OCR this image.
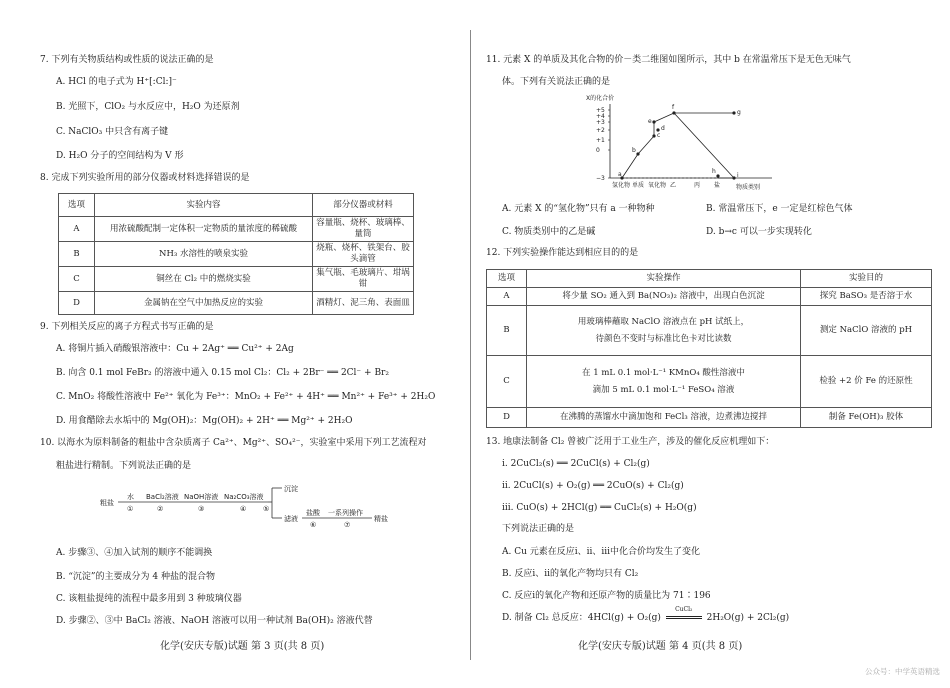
7. 下列有关物质结构或性质的说法正确的是
A. HCl 的电子式为 H⁺[:Cl:]⁻
B. 光照下，ClO₂ 与水反应中，H₂O 为还原剂
C. NaClO₃ 中只含有离子键
D. H₂O 分子的空间结构为 V 形
8. 完成下列实验所用的部分仪器或材料选择错误的是
选项	实验内容	部分仪器或材料
A	用浓硫酸配制一定体积一定物质的量浓度的稀硫酸	容量瓶、烧杯、玻璃棒、量筒
B	NH₃ 水溶性的喷泉实验	烧瓶、烧杯、铁架台、胶头滴管
C	铜丝在 Cl₂ 中的燃烧实验	集气瓶、毛玻璃片、坩埚钳
D	金属钠在空气中加热反应的实验	酒精灯、泥三角、表面皿
9. 下列相关反应的离子方程式书写正确的是
A. 将铜片插入硝酸银溶液中：Cu + 2Ag⁺ ══ Cu²⁺ + 2Ag
B. 向含 0.1 mol FeBr₂ 的溶液中通入 0.15 mol Cl₂：Cl₂ + 2Br⁻ ══ 2Cl⁻ + Br₂
C. MnO₂ 将酸性溶液中 Fe²⁺ 氧化为 Fe³⁺：MnO₂ + Fe²⁺ + 4H⁺ ══ Mn²⁺ + Fe³⁺ + 2H₂O
D. 用食醋除去水垢中的 Mg(OH)₂：Mg(OH)₂ + 2H⁺ ══ Mg²⁺ + 2H₂O
10. 以海水为原料制备的粗盐中含杂质离子 Ca²⁺、Mg²⁺、SO₄²⁻，实验室中采用下列工艺流程对
粗盐进行精制。下列说法正确的是
粗盐
水
①
BaCl₂溶液
②
NaOH溶液
③
Na₂CO₃溶液
④ ⑤
沉淀
滤液
盐酸
⑥
一系列操作
⑦
精盐
A. 步骤③、④加入试剂的顺序不能调换
B. “沉淀”的主要成分为 4 种盐的混合物
C. 该粗盐提纯的流程中最多用到 3 种玻璃仪器
D. 步骤②、③中 BaCl₂ 溶液、NaOH 溶液可以用一种试剂 Ba(OH)₂ 溶液代替
化学(安庆专版)试题 第 3 页(共 8 页)
11. 元素 X 的单质及其化合物的价－类二维图如图所示，其中 b 在常温常压下是无色无味气
体。下列有关说法正确的是
X的化合价
+5
+4
+3
+2
+1
0
−3
氢化物 单质 氧化物 乙	丙 盐	物质类别
a
b
c
d
e
f
g
h
i
A. 元素 X 的“氢化物”只有 a 一种物种	B. 常温常压下，e 一定是红棕色气体
C. 物质类别中的乙是碱	D. b→c 可以一步实现转化
12. 下列实验操作能达到相应目的的是
选项	实验操作	实验目的
A	将少量 SO₂ 通入到 Ba(NO₃)₂ 溶液中，出现白色沉淀	探究 BaSO₃ 是否溶于水
B	用玻璃棒蘸取 NaClO 溶液点在 pH 试纸上，
待颜色不变时与标准比色卡对比读数	测定 NaClO 溶液的 pH
C	在 1 mL 0.1 mol·L⁻¹ KMnO₄ 酸性溶液中
滴加 5 mL 0.1 mol·L⁻¹ FeSO₄ 溶液	检验 +2 价 Fe 的还原性
D	在沸腾的蒸馏水中滴加饱和 FeCl₃ 溶液，边煮沸边搅拌	制备 Fe(OH)₃ 胶体
13. 地康法制备 Cl₂ 曾被广泛用于工业生产，涉及的催化反应机理如下：
ⅰ. 2CuCl₂(s) ══ 2CuCl(s) + Cl₂(g)
ⅱ. 2CuCl(s) + O₂(g) ══ 2CuO(s) + Cl₂(g)
ⅲ. CuO(s) + 2HCl(g) ══ CuCl₂(s) + H₂O(g)
下列说法正确的是
A. Cu 元素在反应ⅰ、ⅱ、ⅲ中化合价均发生了变化
B. 反应ⅰ、ⅱ的氧化产物均只有 Cl₂
C. 反应ⅰ的氧化产物和还原产物的质量比为 71∶196
D. 制备 Cl₂ 总反应：4HCl(g) + O₂(g)
CuCl₂
2H₂O(g) + 2Cl₂(g)
化学(安庆专版)试题 第 4 页(共 8 页)
公众号：中学英语精选
